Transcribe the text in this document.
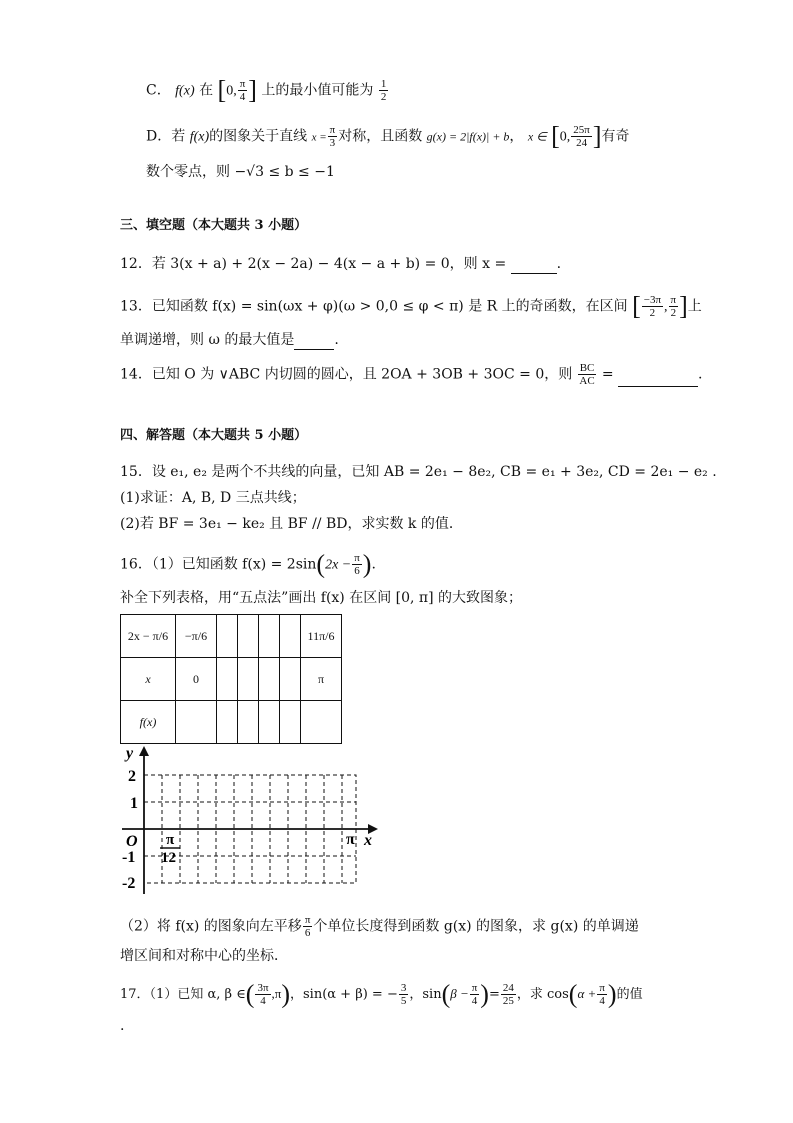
C． f(x) 在 [0, $\frac{\pi}{4}$ ] 上的最小值可能为 $\frac{1}{2}$
D．若 f(x)的图象关于直线 $x = \frac{\pi}{3}$ 对称，且函数 g(x) = 2|f(x)| + b， x ∈ [0, $\frac{25\pi}{24}$ ]有奇
数个零点，则 −√3 ≤ b ≤ −1
三、填空题（本大题共 3 小题）
12．若 3(x + a) + 2(x − 2a) − 4(x − a + b) = 0，则 x =	.
13．已知函数 f(x) = sin(ωx + φ)(ω > 0,0 ≤ φ < π) 是 R 上的奇函数，在区间 [ $\frac{-3\pi}{2}$ , $\frac{\pi}{2}$ ]上
单调递增，则 ω 的最大值是	.
14．已知 O 为 ∨ABC 内切圆的圆心，且 2OA + 3OB + 3OC = 0，则 $\frac{BC}{AC}$ =	.
四、解答题（本大题共 5 小题）
15．设 e₁, e₂ 是两个不共线的向量，已知 AB = 2e₁ − 8e₂, CB = e₁ + 3e₂, CD = 2e₁ − e₂ .
(1)求证：A, B, D 三点共线；
(2)若 BF = 3e₁ − ke₂ 且 BF // BD，求实数 k 的值．
16．（1）已知函数 $f(x) = 2\sin(2x - \frac{\pi}{6}$ ).
补全下列表格，用“五点法”画出 f(x) 在区间 [0, π] 的大致图象；
2x − π/6	−π/6					11π/6
x	0					π
f(x)						
y
x
O
2
1
-1
-2
π
12
π
（2）将 f(x) 的图象向左平移 $\frac{\pi}{6}$ 个单位长度得到函数 g(x) 的图象，求 g(x) 的单调递
增区间和对称中心的坐标．
17．（1）已知 α, β ∈( $\frac{3\pi}{4} ,\pi$)，sin(α + β) = − $\frac{3}{5}$ ，$\sin(\beta - \frac{\pi}{4}$ )= $\frac{24}{25}$ ，求 $\cos(\alpha + \frac{\pi}{4}$ )的值
.
